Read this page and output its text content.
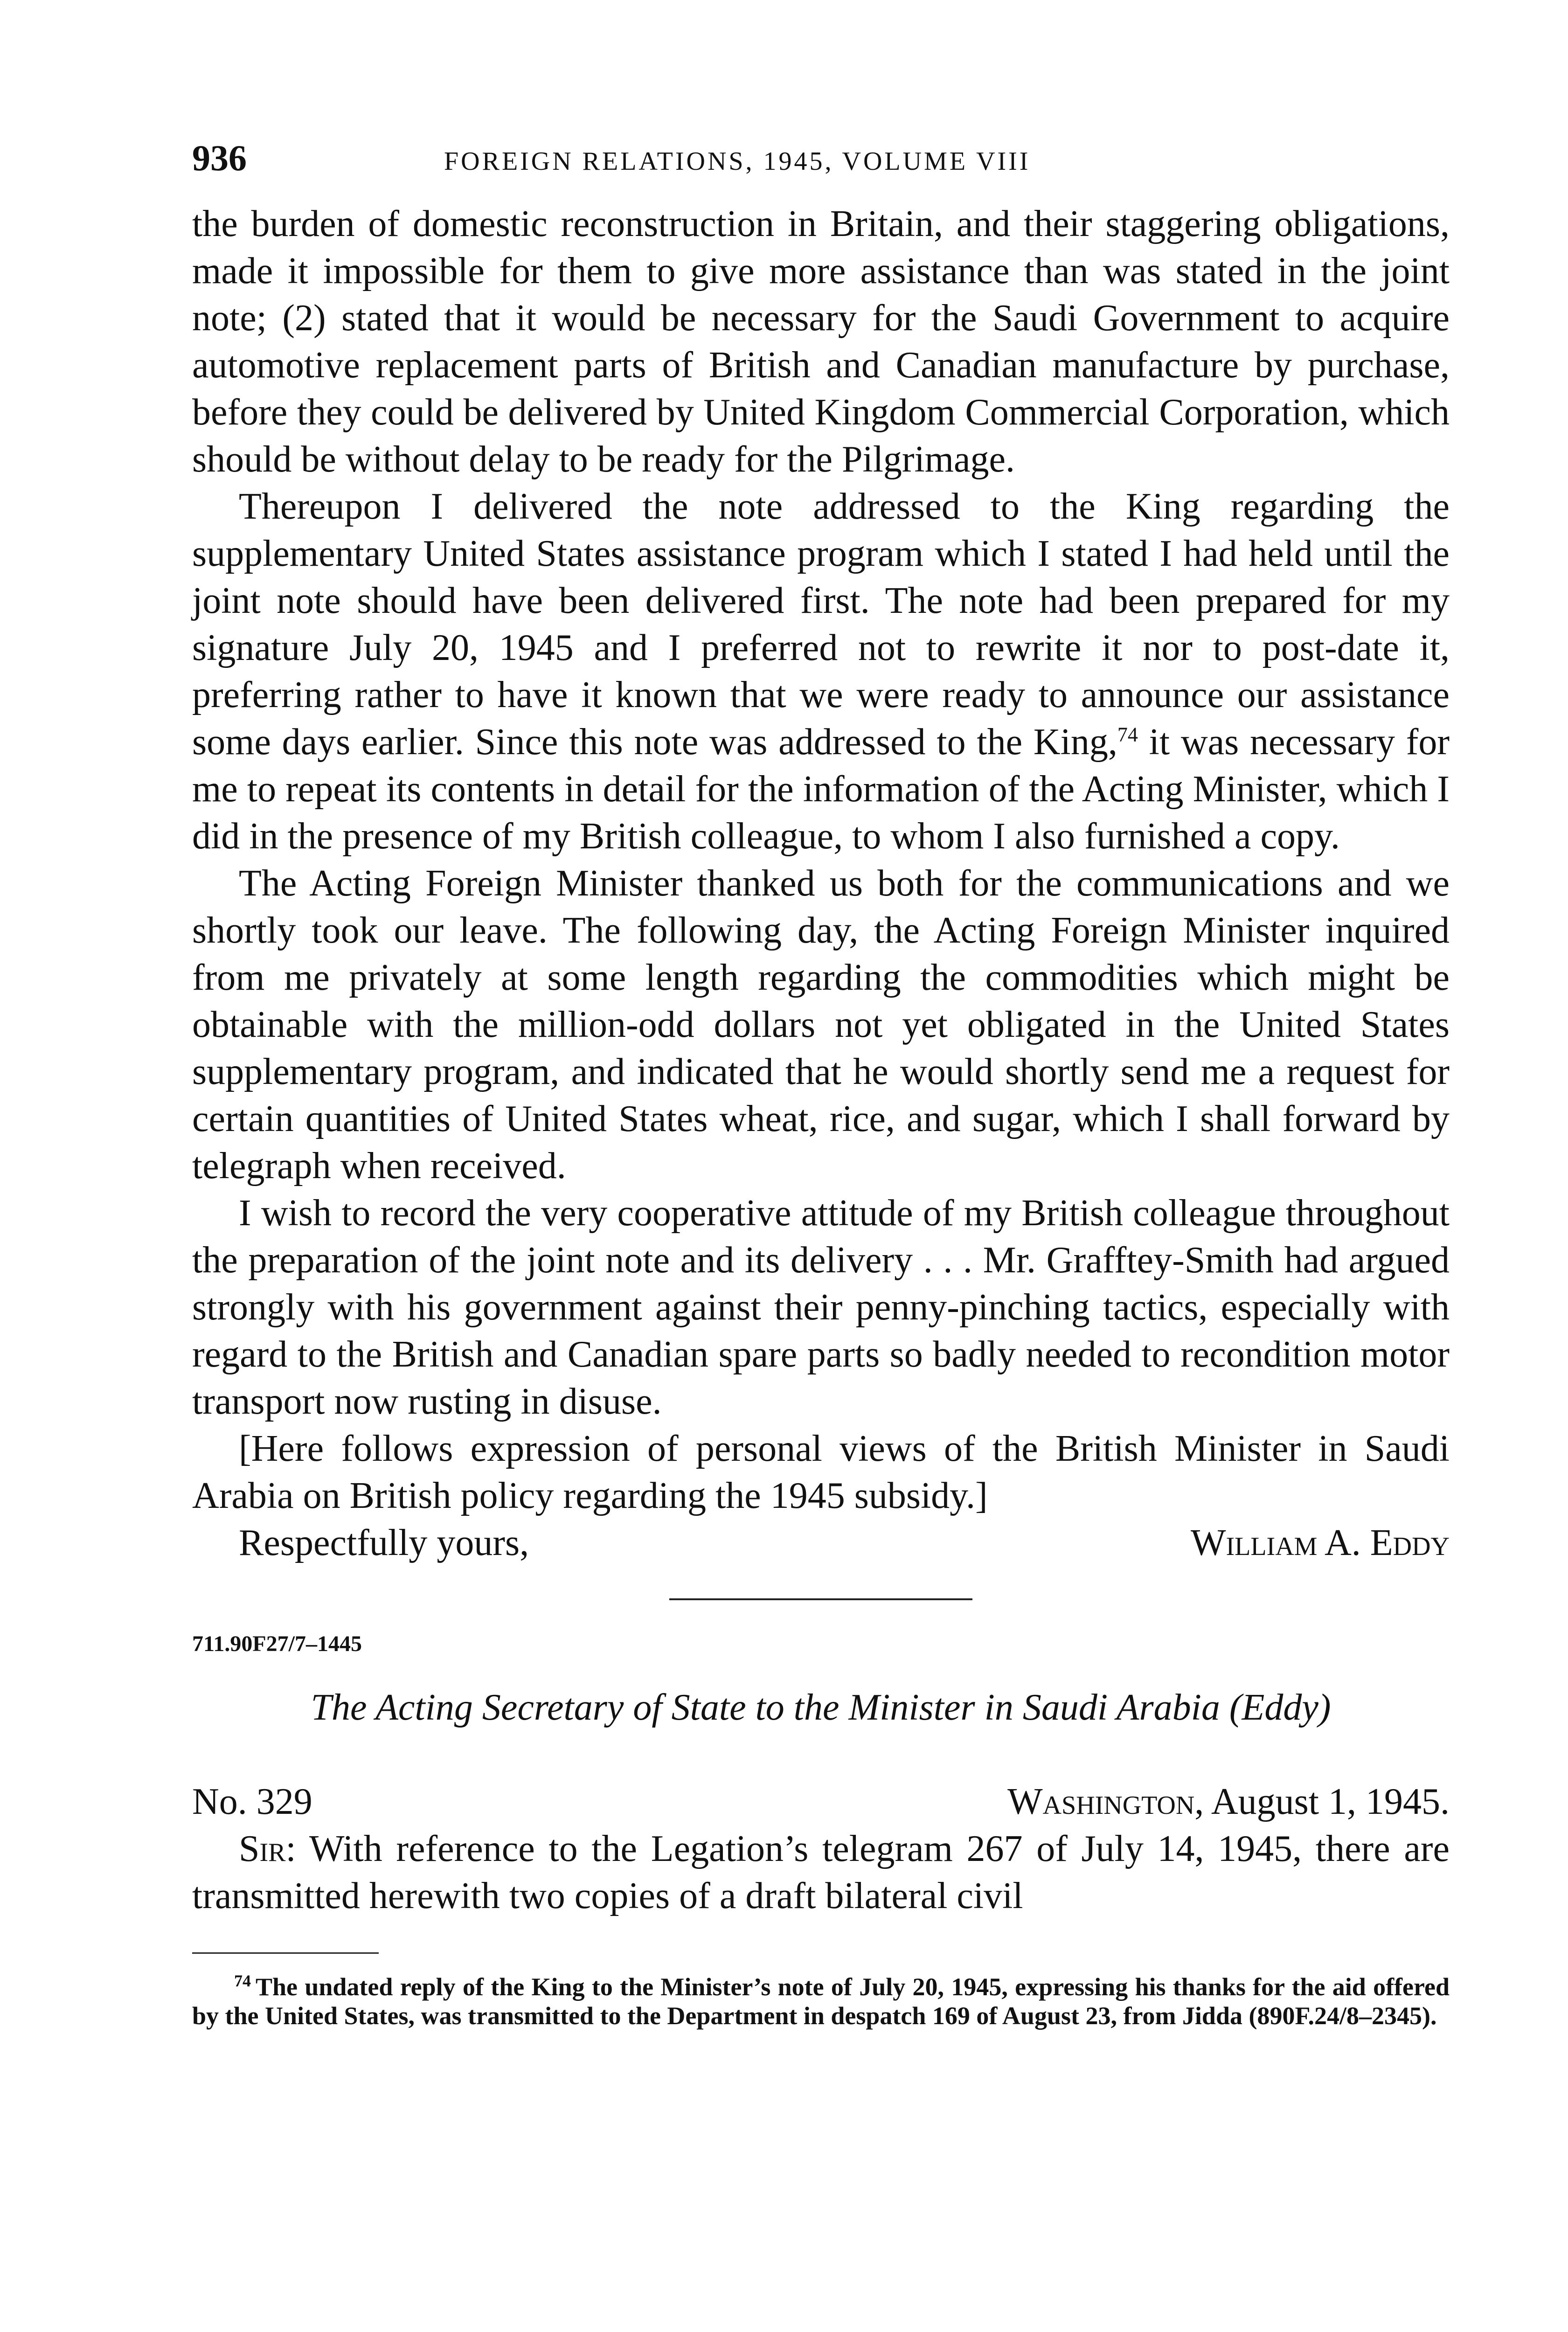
936	FOREIGN RELATIONS, 1945, VOLUME VIII

the burden of domestic reconstruction in Britain, and their staggering obligations, made it impossible for them to give more assistance than was stated in the joint note; (2) stated that it would be necessary for the Saudi Government to acquire automotive replacement parts of British and Canadian manufacture by purchase, before they could be delivered by United Kingdom Commercial Corporation, which should be without delay to be ready for the Pilgrimage.

Thereupon I delivered the note addressed to the King regarding the supplementary United States assistance program which I stated I had held until the joint note should have been delivered first. The note had been prepared for my signature July 20, 1945 and I preferred not to rewrite it nor to post-date it, preferring rather to have it known that we were ready to announce our assistance some days earlier. Since this note was addressed to the King,$^{74}$ it was necessary for me to repeat its contents in detail for the information of the Acting Minister, which I did in the presence of my British colleague, to whom I also furnished a copy.

The Acting Foreign Minister thanked us both for the communications and we shortly took our leave. The following day, the Acting Foreign Minister inquired from me privately at some length regarding the commodities which might be obtainable with the million-odd dollars not yet obligated in the United States supplementary program, and indicated that he would shortly send me a request for certain quantities of United States wheat, rice, and sugar, which I shall forward by telegraph when received.

I wish to record the very cooperative attitude of my British colleague throughout the preparation of the joint note and its delivery . . . Mr. Grafftey-Smith had argued strongly with his government against their penny-pinching tactics, especially with regard to the British and Canadian spare parts so badly needed to recondition motor transport now rusting in disuse.

[Here follows expression of personal views of the British Minister in Saudi Arabia on British policy regarding the 1945 subsidy.]

Respectfully yours,	William A. Eddy
711.90F27/7–1445
The Acting Secretary of State to the Minister in Saudi Arabia (Eddy)
No. 329	Washington, August 1, 1945.

Sir: With reference to the Legation’s telegram 267 of July 14, 1945, there are transmitted herewith two copies of a draft bilateral civil

74 The undated reply of the King to the Minister’s note of July 20, 1945, expressing his thanks for the aid offered by the United States, was transmitted to the Department in despatch 169 of August 23, from Jidda (890F.24/8–2345).
